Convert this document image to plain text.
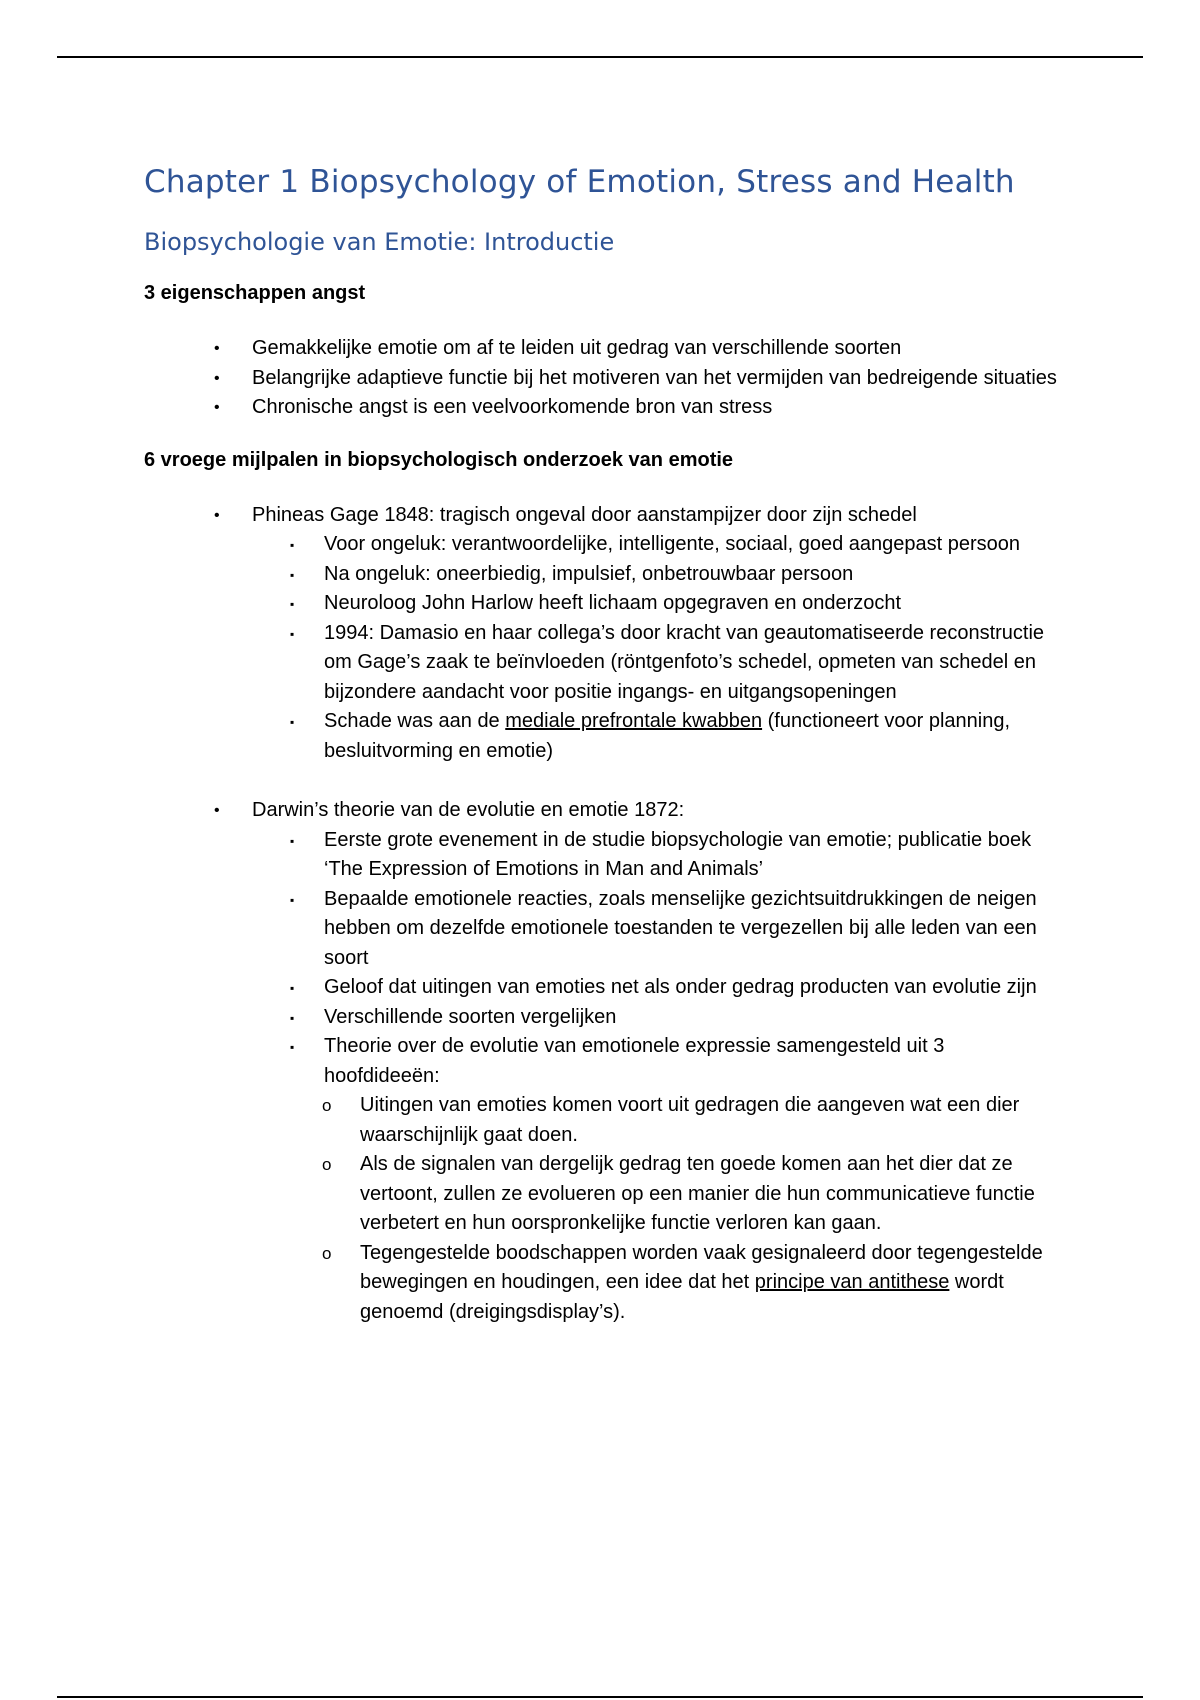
Chapter 1 Biopsychology of Emotion, Stress and Health
Biopsychologie van Emotie: Introductie
3 eigenschappen angst
• Gemakkelijke emotie om af te leiden uit gedrag van verschillende soorten
• Belangrijke adaptieve functie bij het motiveren van het vermijden van bedreigende situaties
• Chronische angst is een veelvoorkomende bron van stress
6 vroege mijlpalen in biopsychologisch onderzoek van emotie
• Phineas Gage 1848: tragisch ongeval door aanstampijzer door zijn schedel
▪ Voor ongeluk: verantwoordelijke, intelligente, sociaal, goed aangepast persoon
▪ Na ongeluk: oneerbiedig, impulsief, onbetrouwbaar persoon
▪ Neuroloog John Harlow heeft lichaam opgegraven en onderzocht
▪ 1994: Damasio en haar collega’s door kracht van geautomatiseerde reconstructie om Gage’s zaak te beïnvloeden (röntgenfoto’s schedel, opmeten van schedel en bijzondere aandacht voor positie ingangs- en uitgangsopeningen
▪ Schade was aan de mediale prefrontale kwabben (functioneert voor planning, besluitvorming en emotie)
• Darwin’s theorie van de evolutie en emotie 1872:
▪ Eerste grote evenement in de studie biopsychologie van emotie; publicatie boek ‘The Expression of Emotions in Man and Animals’
▪ Bepaalde emotionele reacties, zoals menselijke gezichtsuitdrukkingen de neigen hebben om dezelfde emotionele toestanden te vergezellen bij alle leden van een soort
▪ Geloof dat uitingen van emoties net als onder gedrag producten van evolutie zijn
▪ Verschillende soorten vergelijken
▪ Theorie over de evolutie van emotionele expressie samengesteld uit 3 hoofdideeën:
o Uitingen van emoties komen voort uit gedragen die aangeven wat een dier waarschijnlijk gaat doen.
o Als de signalen van dergelijk gedrag ten goede komen aan het dier dat ze vertoont, zullen ze evolueren op een manier die hun communicatieve functie verbetert en hun oorspronkelijke functie verloren kan gaan.
o Tegengestelde boodschappen worden vaak gesignaleerd door tegengestelde bewegingen en houdingen, een idee dat het principe van antithese wordt genoemd (dreigingsdisplay’s).
